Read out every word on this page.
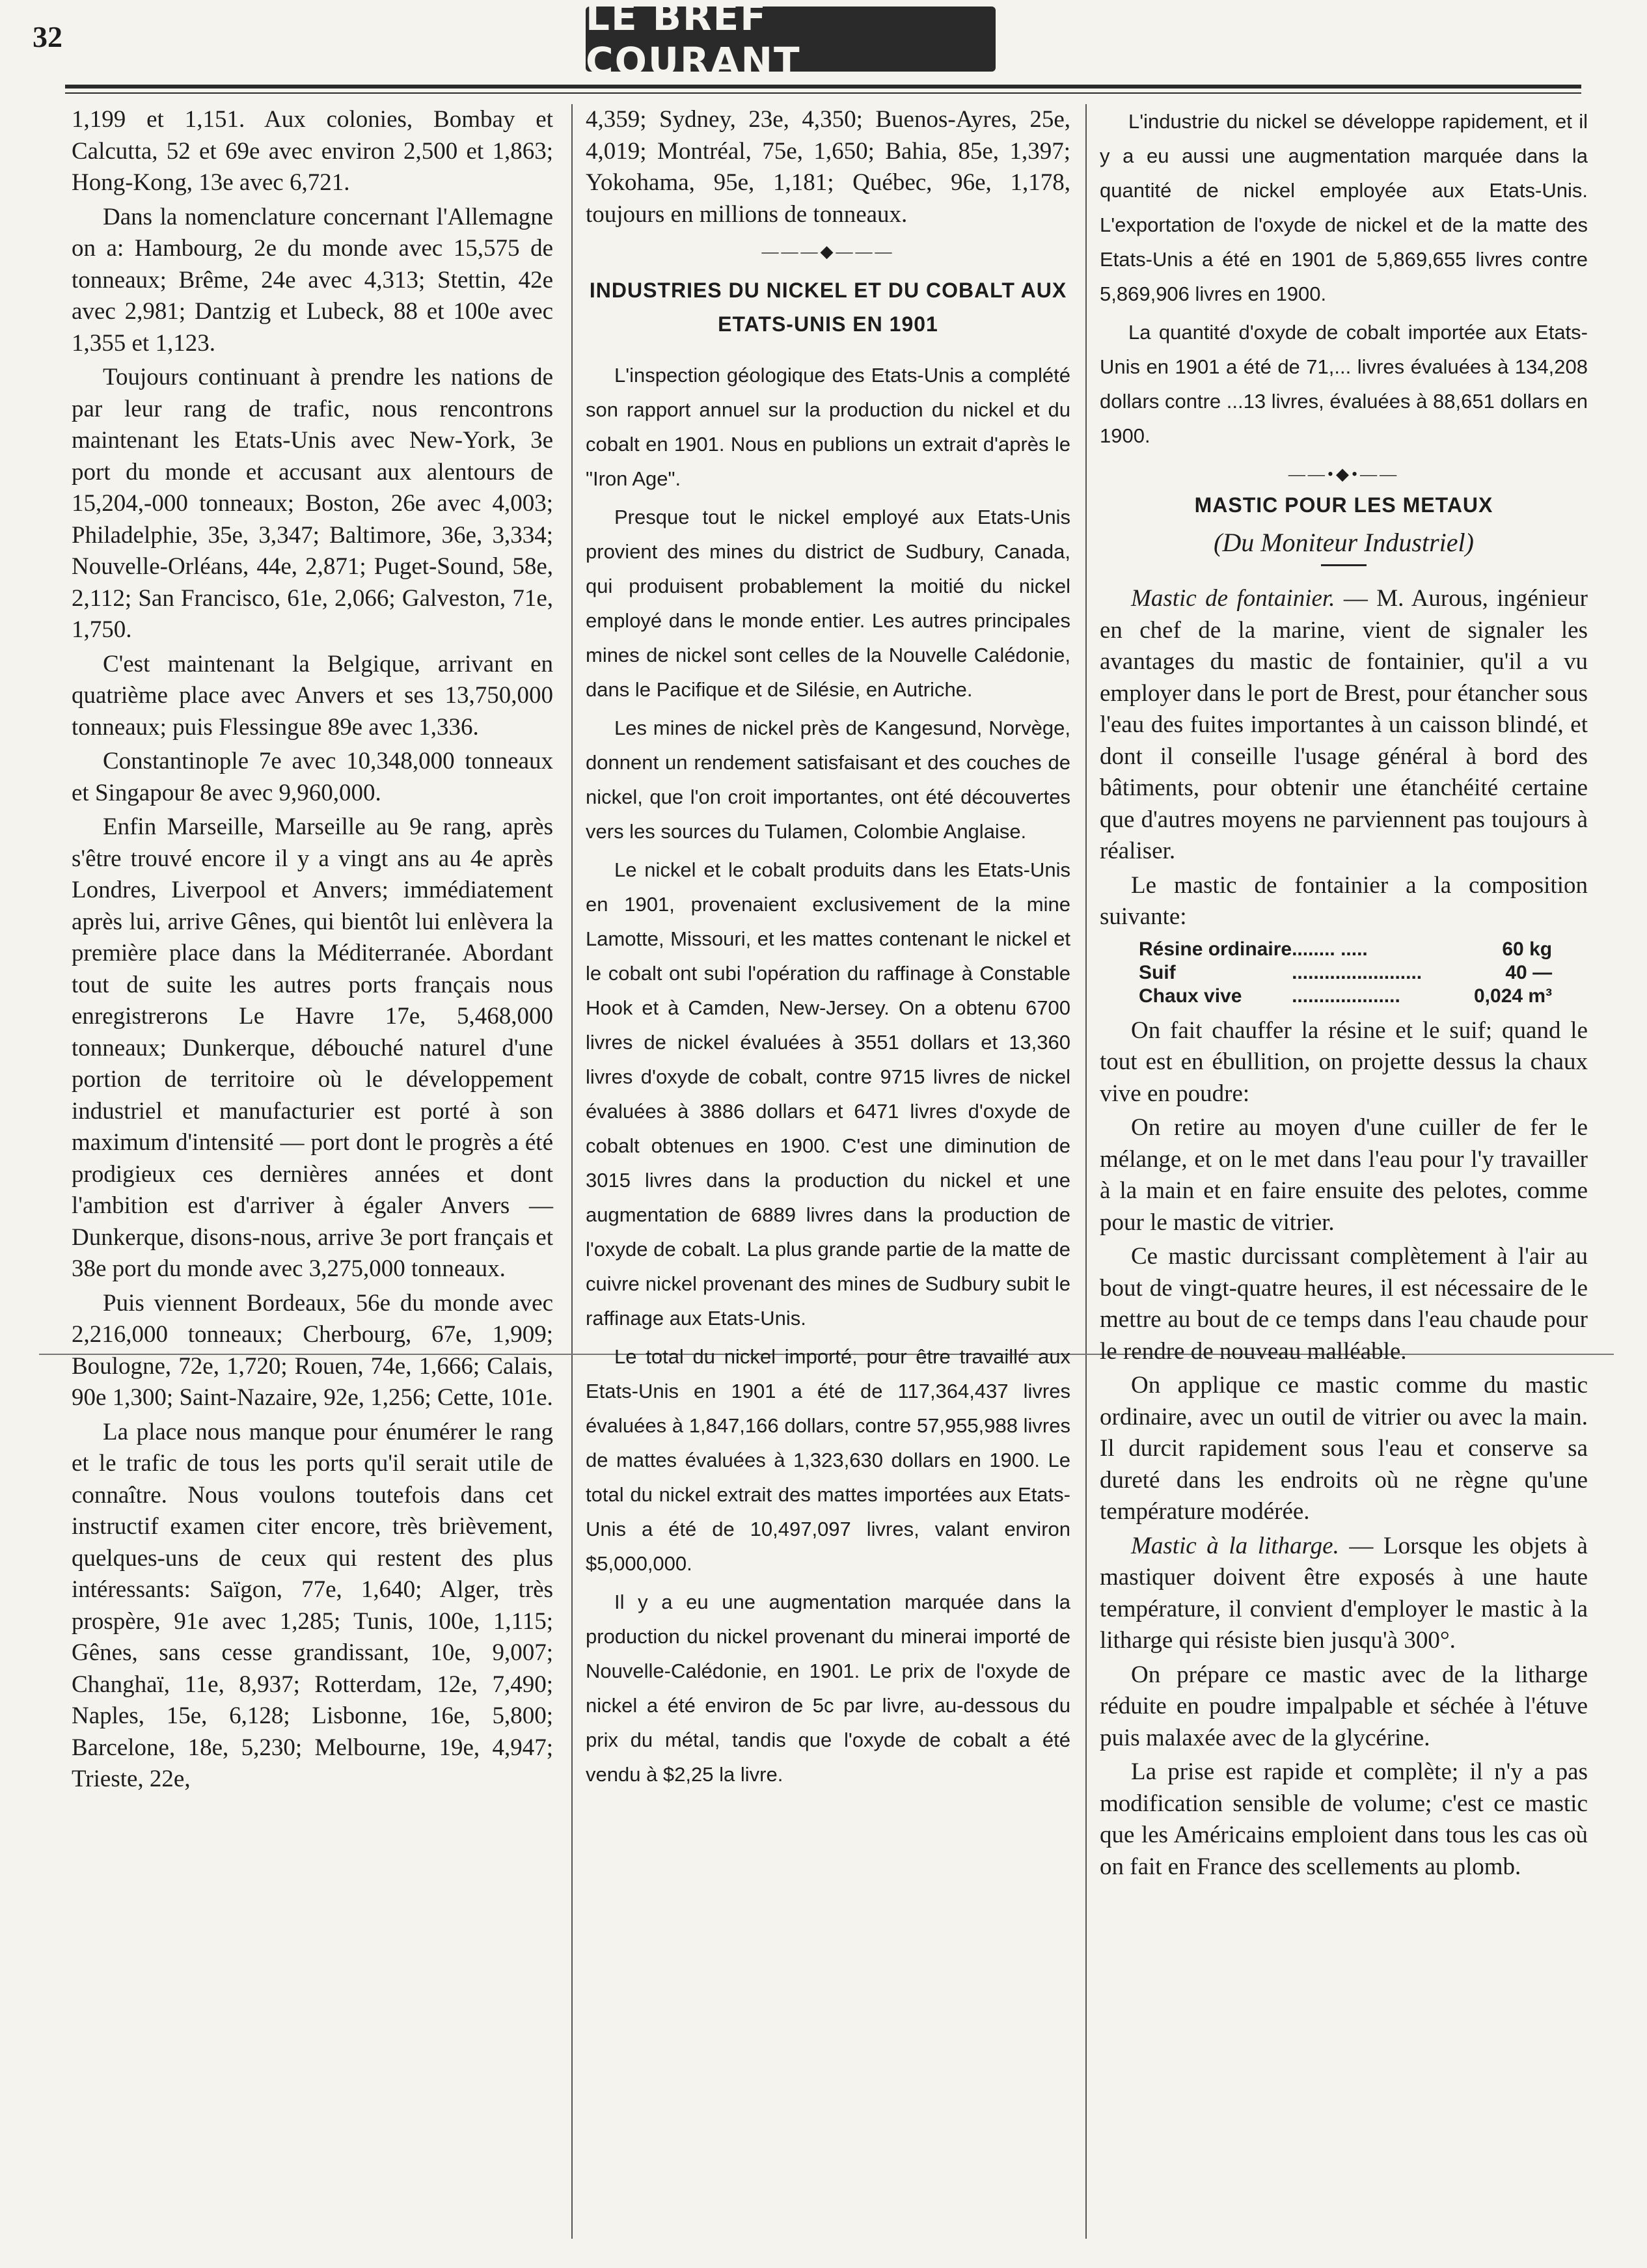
32	LE BREF COURANT

1,199 et 1,151. Aux colonies, Bombay et Calcutta, 52 et 69e avec environ 2,500 et 1,863; Hong-Kong, 13e avec 6,721.

Dans la nomenclature concernant l'Allemagne on a: Hambourg, 2e du monde avec 15,575 de tonneaux; Brême, 24e avec 4,313; Stettin, 42e avec 2,981; Dantzig et Lubeck, 88 et 100e avec 1,355 et 1,123.

Toujours continuant à prendre les nations de par leur rang de trafic, nous rencontrons maintenant les Etats-Unis avec New-York, 3e port du monde et accusant aux alentours de 15,204,-000 tonneaux; Boston, 26e avec 4,003; Philadelphie, 35e, 3,347; Baltimore, 36e, 3,334; Nouvelle-Orléans, 44e, 2,871; Puget-Sound, 58e, 2,112; San Francisco, 61e, 2,066; Galveston, 71e, 1,750.

C'est maintenant la Belgique, arrivant en quatrième place avec Anvers et ses 13,750,000 tonneaux; puis Flessingue 89e avec 1,336.

Constantinople 7e avec 10,348,000 tonneaux et Singapour 8e avec 9,960,000.

Enfin Marseille, Marseille au 9e rang, après s'être trouvé encore il y a vingt ans au 4e après Londres, Liverpool et Anvers; immédiatement après lui, arrive Gênes, qui bientôt lui enlèvera la première place dans la Méditerranée. Abordant tout de suite les autres ports français nous enregistrerons Le Havre 17e, 5,468,000 tonneaux; Dunkerque, débouché naturel d'une portion de territoire où le développement industriel et manufacturier est porté à son maximum d'intensité — port dont le progrès a été prodigieux ces dernières années et dont l'ambition est d'arriver à égaler Anvers — Dunkerque, disons-nous, arrive 3e port français et 38e port du monde avec 3,275,000 tonneaux.

Puis viennent Bordeaux, 56e du monde avec 2,216,000 tonneaux; Cherbourg, 67e, 1,909; Boulogne, 72e, 1,720; Rouen, 74e, 1,666; Calais, 90e 1,300; Saint-Nazaire, 92e, 1,256; Cette, 101e.

La place nous manque pour énumérer le rang et le trafic de tous les ports qu'il serait utile de connaître. Nous voulons toutefois dans cet instructif examen citer encore, très brièvement, quelques-uns de ceux qui restent des plus intéressants: Saïgon, 77e, 1,640; Alger, très prospère, 91e avec 1,285; Tunis, 100e, 1,115; Gênes, sans cesse grandissant, 10e, 9,007; Changhaï, 11e, 8,937; Rotterdam, 12e, 7,490; Naples, 15e, 6,128; Lisbonne, 16e, 5,800; Barcelone, 18e, 5,230; Melbourne, 19e, 4,947; Trieste, 22e,

4,359; Sydney, 23e, 4,350; Buenos-Ayres, 25e, 4,019; Montréal, 75e, 1,650; Bahia, 85e, 1,397; Yokohama, 95e, 1,181; Québec, 96e, 1,178, toujours en millions de tonneaux.

———◆———
INDUSTRIES DU NICKEL ET DU COBALT AUX ETATS-UNIS EN 1901

L'inspection géologique des Etats-Unis a complété son rapport annuel sur la production du nickel et du cobalt en 1901. Nous en publions un extrait d'après le "Iron Age".

Presque tout le nickel employé aux Etats-Unis provient des mines du district de Sudbury, Canada, qui produisent probablement la moitié du nickel employé dans le monde entier. Les autres principales mines de nickel sont celles de la Nouvelle Calédonie, dans le Pacifique et de Silésie, en Autriche.

Les mines de nickel près de Kangesund, Norvège, donnent un rendement satisfaisant et des couches de nickel, que l'on croit importantes, ont été découvertes vers les sources du Tulamen, Colombie Anglaise.

Le nickel et le cobalt produits dans les Etats-Unis en 1901, provenaient exclusivement de la mine Lamotte, Missouri, et les mattes contenant le nickel et le cobalt ont subi l'opération du raffinage à Constable Hook et à Camden, New-Jersey. On a obtenu 6700 livres de nickel évaluées à 3551 dollars et 13,360 livres d'oxyde de cobalt, contre 9715 livres de nickel évaluées à 3886 dollars et 6471 livres d'oxyde de cobalt obtenues en 1900. C'est une diminution de 3015 livres dans la production du nickel et une augmentation de 6889 livres dans la production de l'oxyde de cobalt. La plus grande partie de la matte de cuivre nickel provenant des mines de Sudbury subit le raffinage aux Etats-Unis.

Le total du nickel importé, pour être travaillé aux Etats-Unis en 1901 a été de 117,364,437 livres évaluées à 1,847,166 dollars, contre 57,955,988 livres de mattes évaluées à 1,323,630 dollars en 1900. Le total du nickel extrait des mattes importées aux Etats-Unis a été de 10,497,097 livres, valant environ $5,000,000.

Il y a eu une augmentation marquée dans la production du nickel provenant du minerai importé de Nouvelle-Calédonie, en 1901. Le prix de l'oxyde de nickel a été environ de 5c par livre, au-dessous du prix du métal, tandis que l'oxyde de cobalt a été vendu à $2,25 la livre.

L'industrie du nickel se développe rapidement, et il y a eu aussi une augmentation marquée dans la quantité de nickel employée aux Etats-Unis. L'exportation de l'oxyde de nickel et de la matte des Etats-Unis a été en 1901 de 5,869,655 livres contre 5,869,906 livres en 1900.

La quantité d'oxyde de cobalt importée aux Etats-Unis en 1901 a été de 71,... livres évaluées à 134,208 dollars contre ...13 livres, évaluées à 88,651 dollars en 1900.

——•◆•——
MASTIC POUR LES METAUX
(Du Moniteur Industriel)

Mastic de fontainier. — M. Aurous, ingénieur en chef de la marine, vient de signaler les avantages du mastic de fontainier, qu'il a vu employer dans le port de Brest, pour étancher sous l'eau des fuites importantes à un caisson blindé, et dont il conseille l'usage général à bord des bâtiments, pour obtenir une étanchéité certaine que d'autres moyens ne parviennent pas toujours à réaliser.

Le mastic de fontainier a la composition suivante:

Résine ordinaire	........ .....	60 kg
Suif	........................	40 —
Chaux vive	....................	0,024 m³

On fait chauffer la résine et le suif; quand le tout est en ébullition, on projette dessus la chaux vive en poudre:

On retire au moyen d'une cuiller de fer le mélange, et on le met dans l'eau pour l'y travailler à la main et en faire ensuite des pelotes, comme pour le mastic de vitrier.

Ce mastic durcissant complètement à l'air au bout de vingt-quatre heures, il est nécessaire de le mettre au bout de ce temps dans l'eau chaude pour le rendre de nouveau malléable.

On applique ce mastic comme du mastic ordinaire, avec un outil de vitrier ou avec la main. Il durcit rapidement sous l'eau et conserve sa dureté dans les endroits où ne règne qu'une température modérée.

Mastic à la litharge. — Lorsque les objets à mastiquer doivent être exposés à une haute température, il convient d'employer le mastic à la litharge qui résiste bien jusqu'à 300°.

On prépare ce mastic avec de la litharge réduite en poudre impalpable et séchée à l'étuve puis malaxée avec de la glycérine.

La prise est rapide et complète; il n'y a pas modification sensible de volume; c'est ce mastic que les Américains emploient dans tous les cas où on fait en France des scellements au plomb.
